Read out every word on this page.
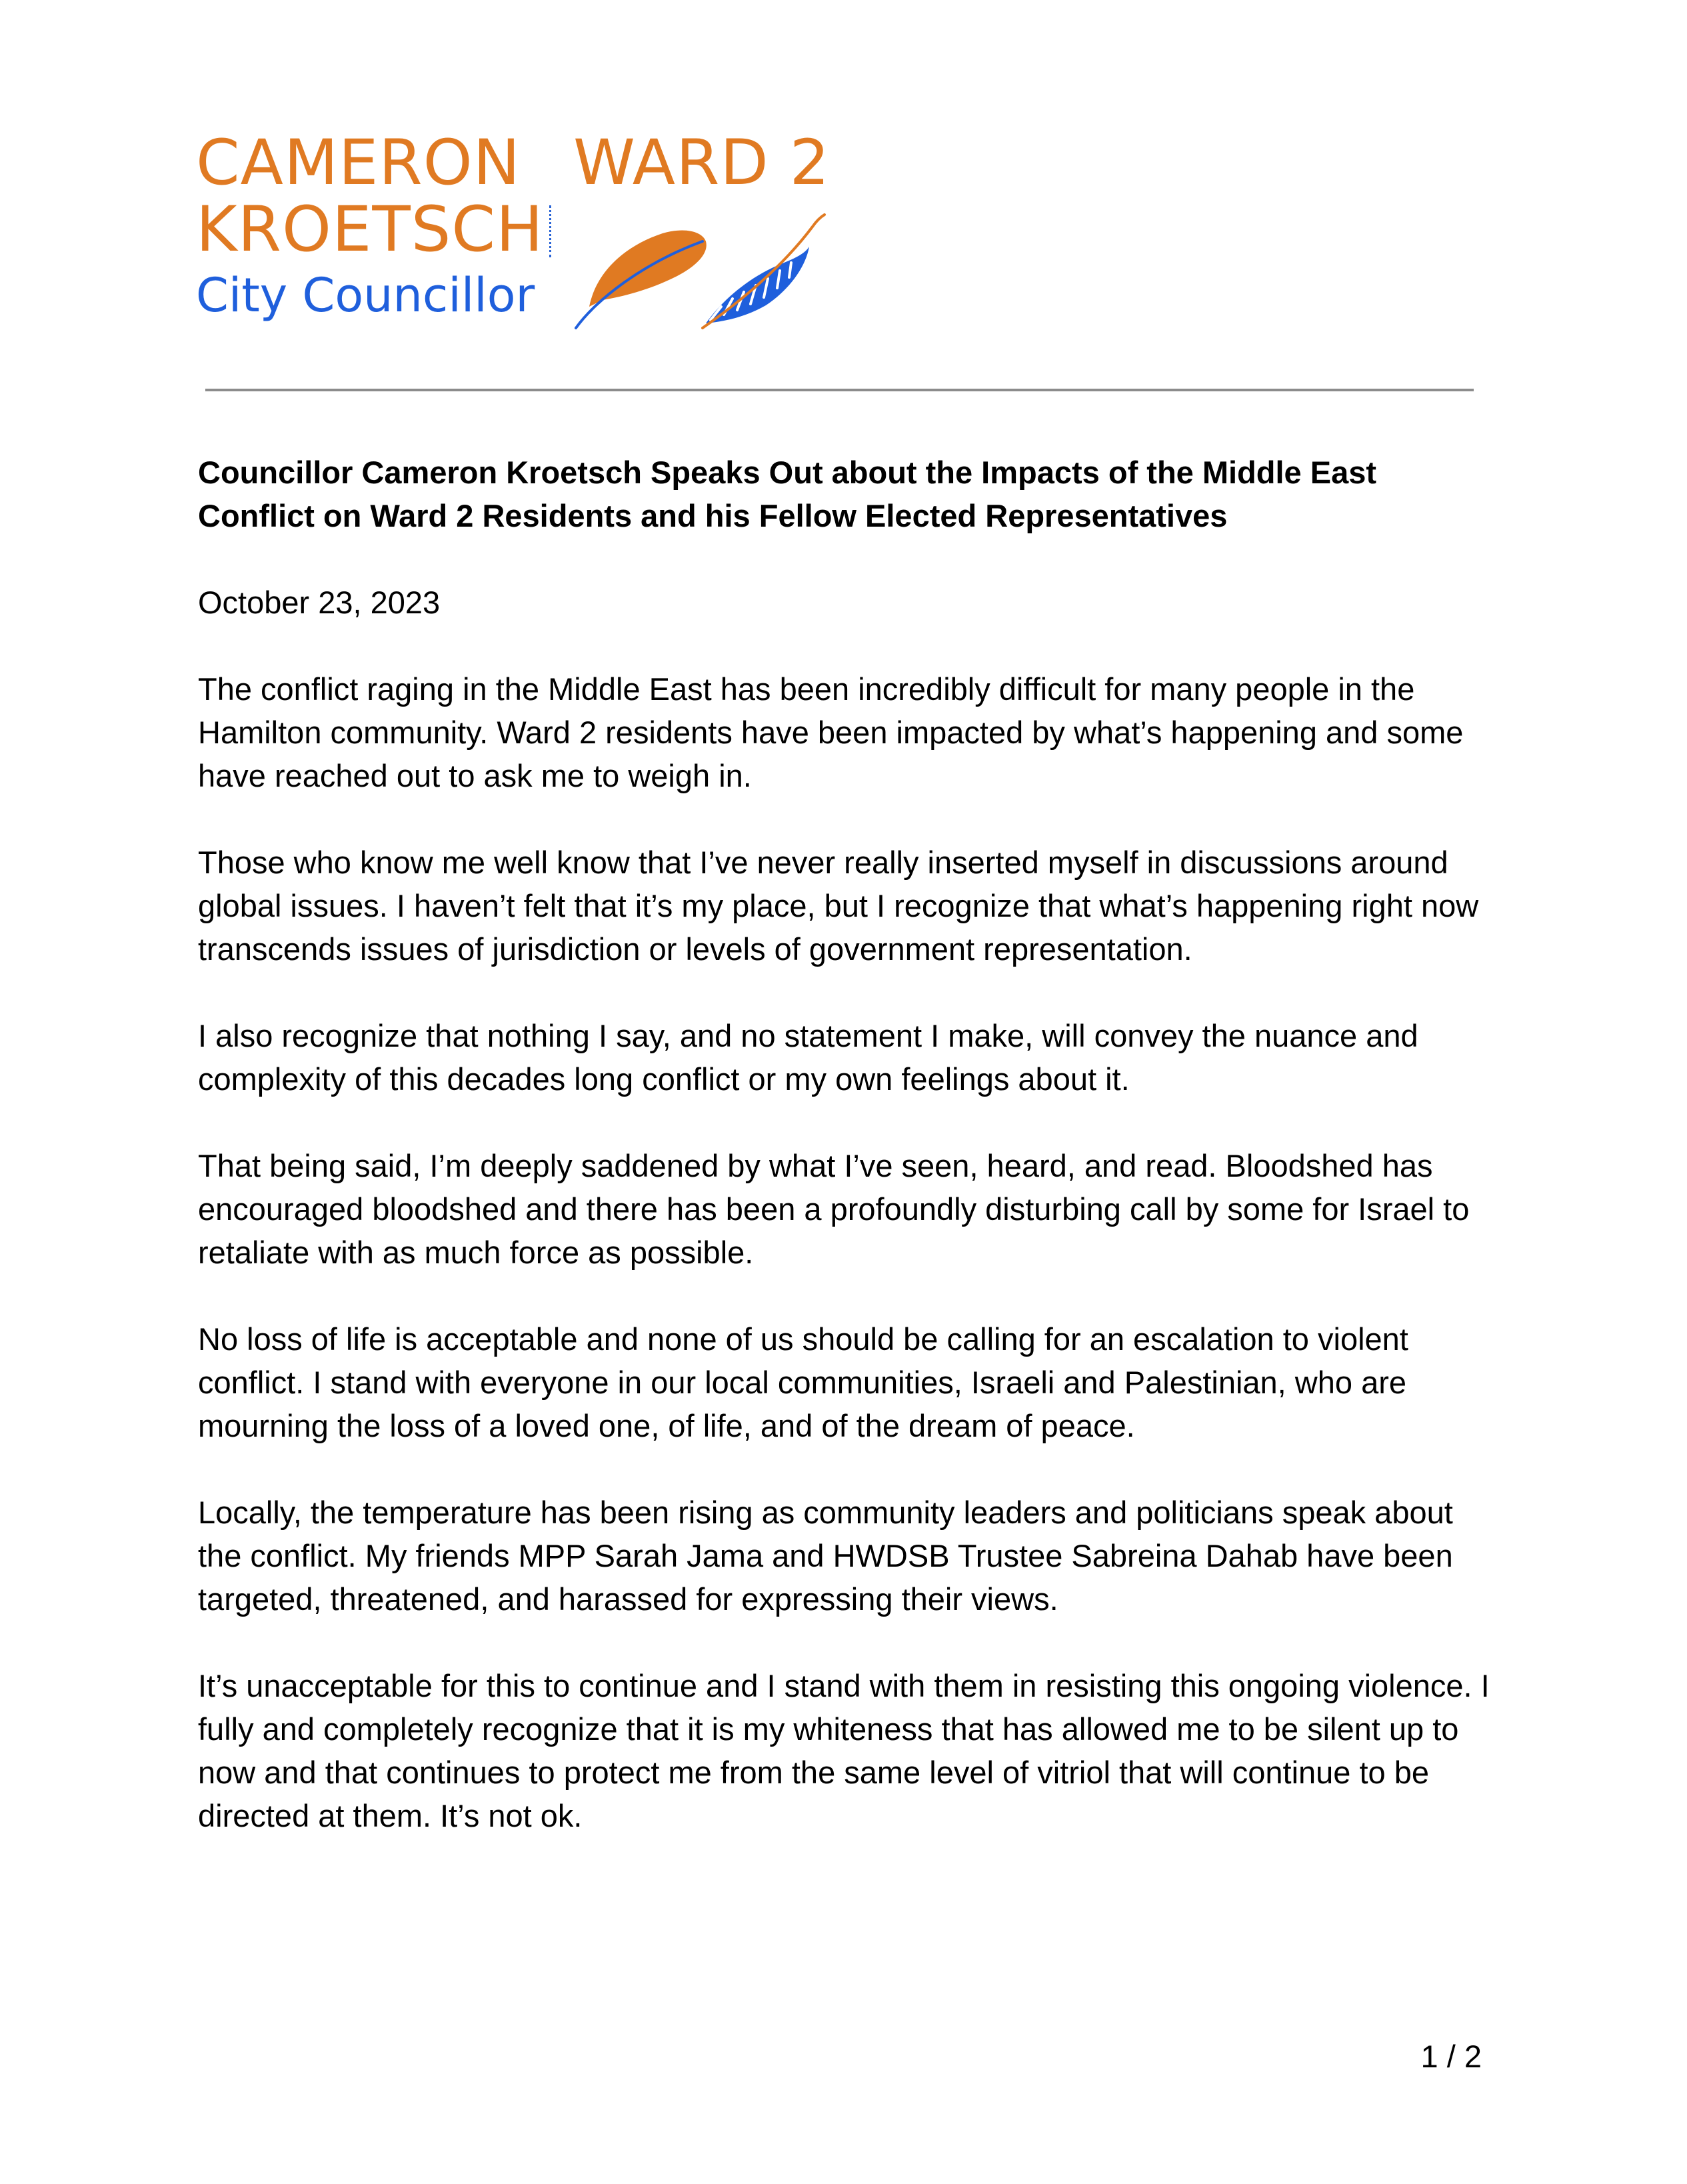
CAMERON
KROETSCH
City Councillor
WARD 2

Councillor Cameron Kroetsch Speaks Out about the Impacts of the Middle East Conflict on Ward 2 Residents and his Fellow Elected Representatives

October 23, 2023

The conflict raging in the Middle East has been incredibly difficult for many people in the Hamilton community. Ward 2 residents have been impacted by what’s happening and some have reached out to ask me to weigh in.

Those who know me well know that I’ve never really inserted myself in discussions around global issues. I haven’t felt that it’s my place, but I recognize that what’s happening right now transcends issues of jurisdiction or levels of government representation.

I also recognize that nothing I say, and no statement I make, will convey the nuance and complexity of this decades long conflict or my own feelings about it.

That being said, I’m deeply saddened by what I’ve seen, heard, and read. Bloodshed has encouraged bloodshed and there has been a profoundly disturbing call by some for Israel to retaliate with as much force as possible.

No loss of life is acceptable and none of us should be calling for an escalation to violent conflict. I stand with everyone in our local communities, Israeli and Palestinian, who are mourning the loss of a loved one, of life, and of the dream of peace.

Locally, the temperature has been rising as community leaders and politicians speak about the conflict. My friends MPP Sarah Jama and HWDSB Trustee Sabreina Dahab have been targeted, threatened, and harassed for expressing their views.

It’s unacceptable for this to continue and I stand with them in resisting this ongoing violence. I fully and completely recognize that it is my whiteness that has allowed me to be silent up to now and that continues to protect me from the same level of vitriol that will continue to be directed at them. It’s not ok.

1 / 2
